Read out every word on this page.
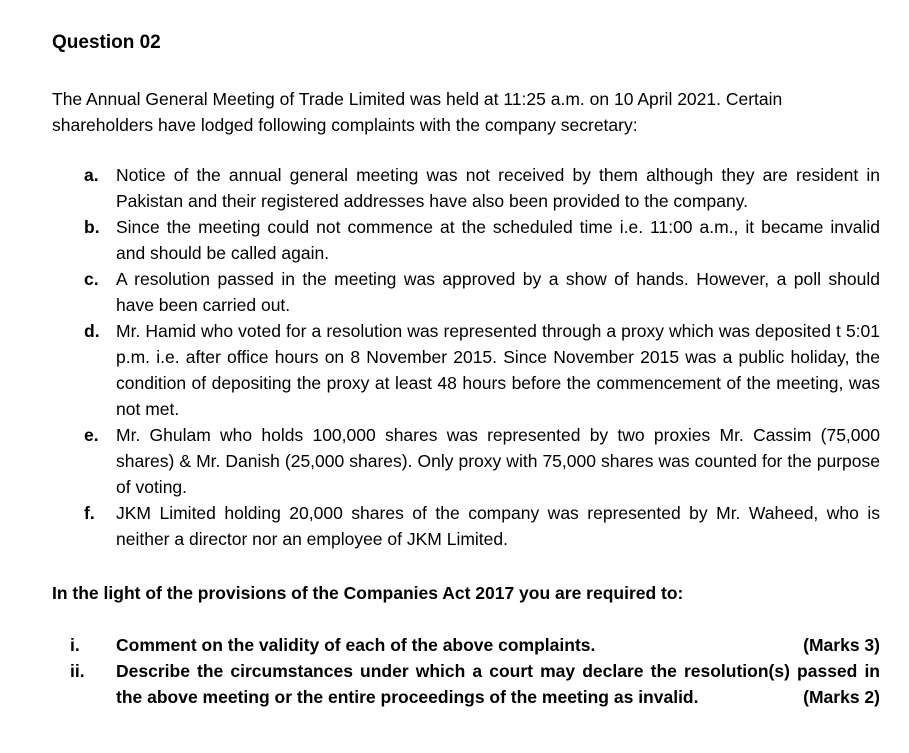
Question 02

The Annual General Meeting of Trade Limited was held at 11:25 a.m. on 10 April 2021. Certain shareholders have lodged following complaints with the company secretary:

a. Notice of the annual general meeting was not received by them although they are resident in Pakistan and their registered addresses have also been provided to the company.
b. Since the meeting could not commence at the scheduled time i.e. 11:00 a.m., it became invalid and should be called again.
c. A resolution passed in the meeting was approved by a show of hands. However, a poll should have been carried out.
d. Mr. Hamid who voted for a resolution was represented through a proxy which was deposited t 5:01 p.m. i.e. after office hours on 8 November 2015. Since November 2015 was a public holiday, the condition of depositing the proxy at least 48 hours before the commencement of the meeting, was not met.
e. Mr. Ghulam who holds 100,000 shares was represented by two proxies Mr. Cassim (75,000 shares) & Mr. Danish (25,000 shares). Only proxy with 75,000 shares was counted for the purpose of voting.
f. JKM Limited holding 20,000 shares of the company was represented by Mr. Waheed, who is neither a director nor an employee of JKM Limited.

In the light of the provisions of the Companies Act 2017 you are required to:

i.	(Marks 3)
Comment on the validity of each of the above complaints.
ii. Describe the circumstances under which a court may declare the resolution(s) passed in the above meeting or the entire proceedings of the meeting as invalid.	(Marks 2)
